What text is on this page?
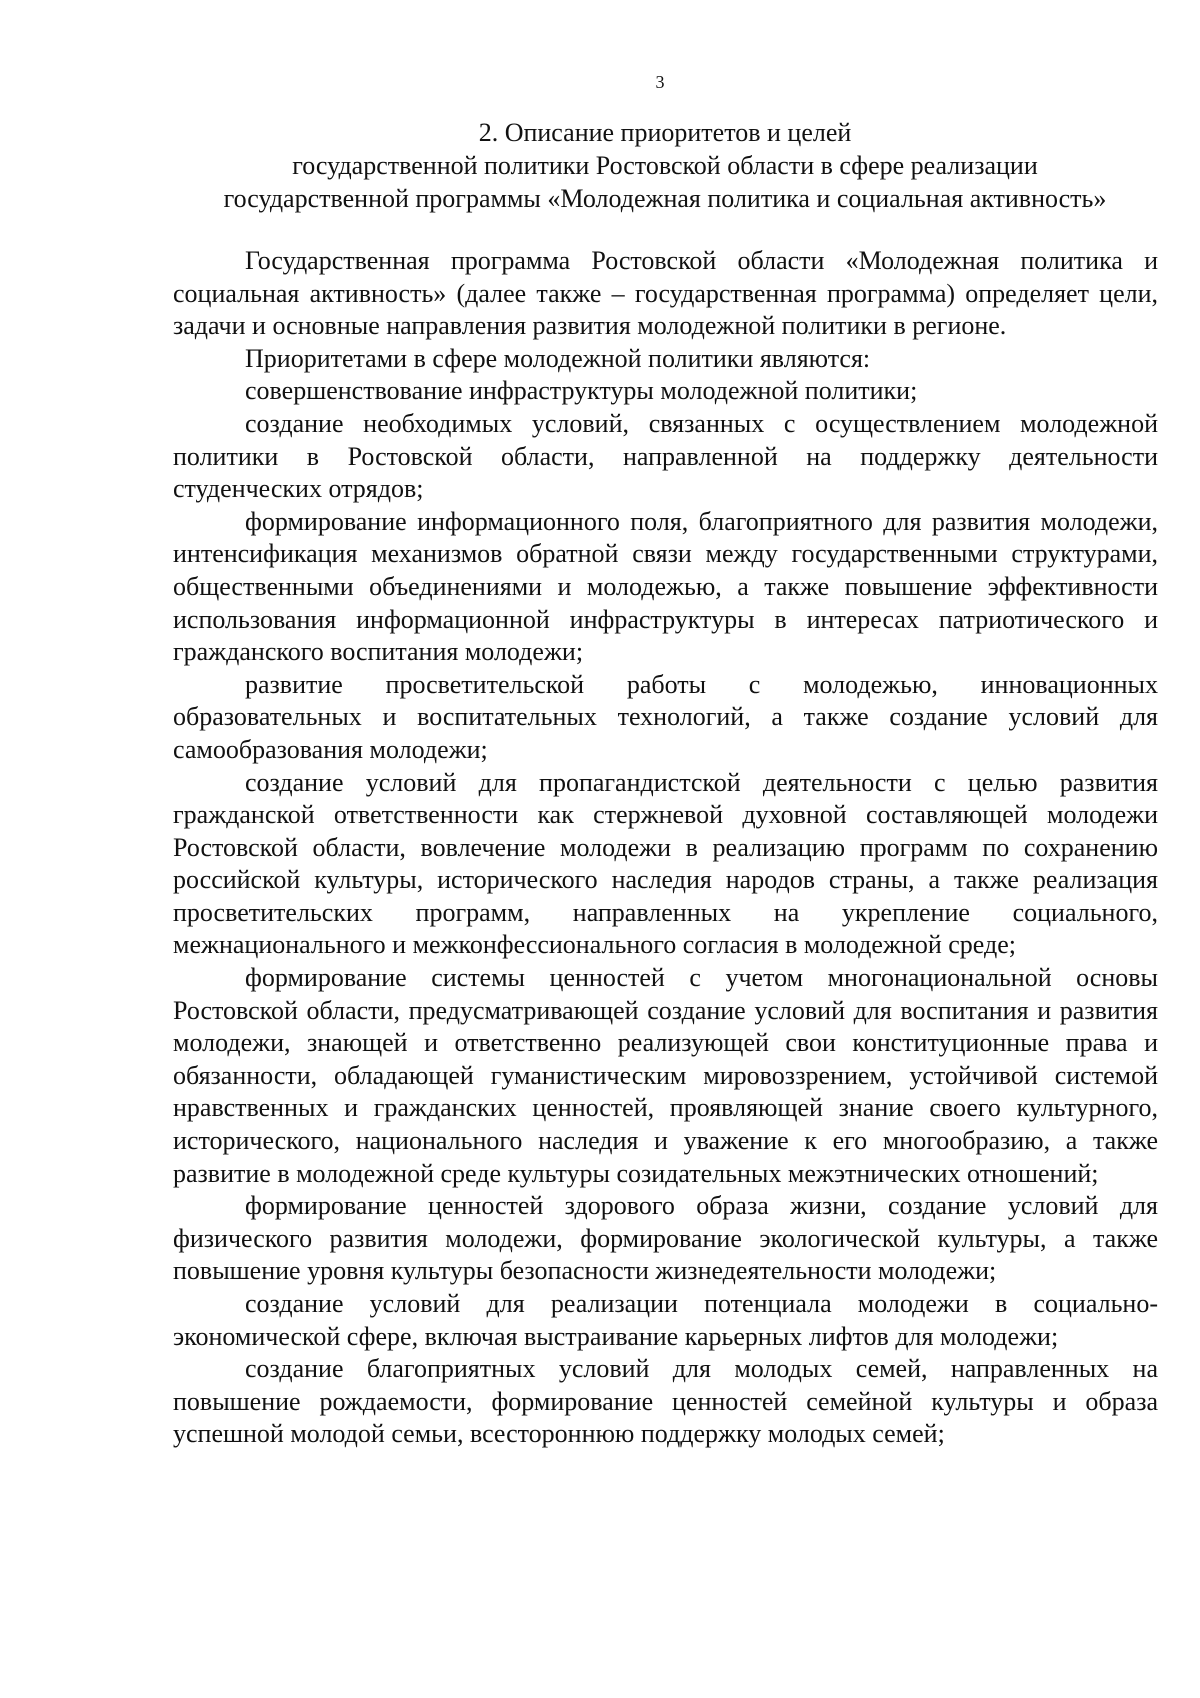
3
2. Описание приоритетов и целей
государственной политики Ростовской области в сфере реализации
государственной программы «Молодежная политика и социальная активность»

Государственная программа Ростовской области «Молодежная политика и социальная активность» (далее также – государственная программа) определяет цели, задачи и основные направления развития молодежной политики в регионе.

Приоритетами в сфере молодежной политики являются:

совершенствование инфраструктуры молодежной политики;

создание необходимых условий, связанных с осуществлением молодежной политики в Ростовской области, направленной на поддержку деятельности студенческих отрядов;

формирование информационного поля, благоприятного для развития молодежи, интенсификация механизмов обратной связи между государственными структурами, общественными объединениями и молодежью, а также повышение эффективности использования информационной инфраструктуры в интересах патриотического и гражданского воспитания молодежи;

развитие просветительской работы с молодежью, инновационных образовательных и воспитательных технологий, а также создание условий для самообразования молодежи;

создание условий для пропагандистской деятельности с целью развития гражданской ответственности как стержневой духовной составляющей молодежи Ростовской области, вовлечение молодежи в реализацию программ по сохранению российской культуры, исторического наследия народов страны, а также реализация просветительских программ, направленных на укрепление социального, межнационального и межконфессионального согласия в молодежной среде;

формирование системы ценностей с учетом многонациональной основы Ростовской области, предусматривающей создание условий для воспитания и развития молодежи, знающей и ответственно реализующей свои конституционные права и обязанности, обладающей гуманистическим мировоззрением, устойчивой системой нравственных и гражданских ценностей, проявляющей знание своего культурного, исторического, национального наследия и уважение к его многообразию, а также развитие в молодежной среде культуры созидательных межэтнических отношений;

формирование ценностей здорового образа жизни, создание условий для физического развития молодежи, формирование экологической культуры, а также повышение уровня культуры безопасности жизнедеятельности молодежи;

создание условий для реализации потенциала молодежи в социально-экономической сфере, включая выстраивание карьерных лифтов для молодежи;

создание благоприятных условий для молодых семей, направленных на повышение рождаемости, формирование ценностей семейной культуры и образа успешной молодой семьи, всестороннюю поддержку молодых семей;
